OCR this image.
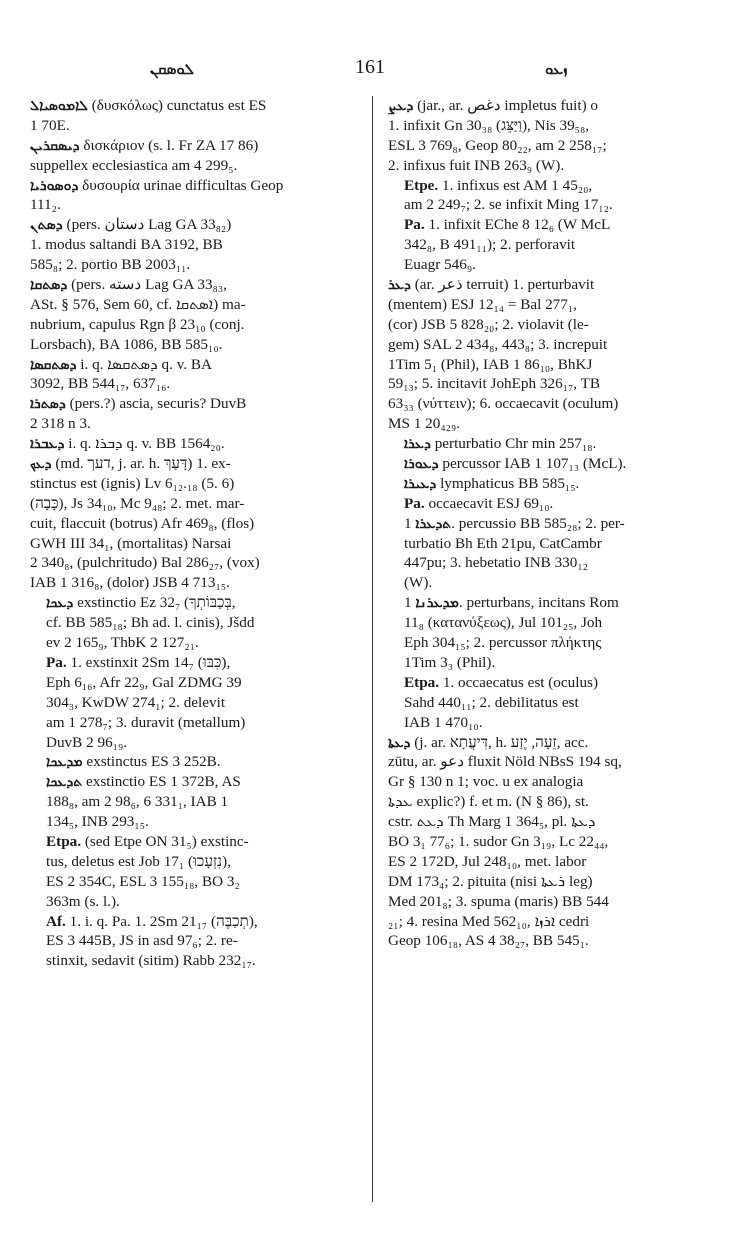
ܠܘܣܩܢ	161	ܙܥܘ
ܠܐܡܘܣܝܐܠ (δυσκόλως) cunctatus est ES
1 70E.
ܕܝܣܩܪܝܢ δισκάριον (s. l. Fr ZA 17 86)
suppellex ecclesiastica am 4 299₅.
ܕܘܣܘܪܝܐ δυσουρία urinae difficultas Geop
111₂.
ܕܣܬܢ (pers. دستان Lag GA 33₈₂)
1. modus saltandi BA 3192, BB
585₈; 2. portio BB 2003₁₁.
ܕܣܬܩܐ (pers. دسته Lag GA 33₈₃,
ASt. § 576, Sem 60, cf. ܐܣܬܩܐ) ma-
nubrium, capulus Rgn β 23₁₀ (conj.
Lorsbach), BA 1086, BB 585₁₀.
ܕܣܬܩܣܐ i. q. ܕܣܬܩܣܐ q. v. BA
3092, BB 544₁₇, 637₁₆.
ܕܣܬܪܐ (pers.?) ascia, securis? DuvB
2 318 n 3.
ܕܥܒܪܐ i. q. ܕܒܪܐ q. v. BB 1564₂₀.
ܕܥܟ (md. דעך, j. ar. h. דָּעַךְ) 1. ex-
stinctus est (ignis) Lv 6₁₂.₁₈ (5. 6)
(כָּבָה), Js 34₁₀, Mc 9₄₈; 2. met. mar-
cuit, flaccuit (botrus) Afr 469₈, (flos)
GWH III 34₁, (mortalitas) Narsai
2 340₈, (pulchritudo) Bal 286₂₇, (vox)
IAB 1 316₈, (dolor) JSB 4 713₁₅.
ܕܥܟܐ exstinctio Ez 32₇ (בְּכַבּוֹתְךָ,
cf. BB 585₁₈; Bh ad. l. cinis), Jšdd
ev 2 165₉, ThbK 2 127₂₁.
Pa. 1. exstinxit 2Sm 14₇ (כִּבּוּ),
Eph 6₁₆, Afr 22₉, Gal ZDMG 39
304₃, KwDW 274₁; 2. delevit
am 1 278₇; 3. duravit (metallum)
DuvB 2 96₁₉.
ܡܕܥܟܐ exstinctus ES 3 252B.
ܬܕܥܟܐ exstinctio ES 1 372B, AS
188₈, am 2 98₆, 6 331₁, IAB 1
134₅, INB 293₁₅.
Etpa. (sed Etpe ON 31₅) exstinc-
tus, deletus est Job 17₁ (נִזְעָכוּ),
ES 2 354C, ESL 3 155₁₈, BO 3₂
363m (s. l.).
Af. 1. i. q. Pa. 1. 2Sm 21₁₇ (תְכַבֶּה),
ES 3 445B, JS in asd 97₆; 2. re-
stinxit, sedavit (sitim) Rabb 232₁₇.
ܕܥܨ (jar., ar. دغص impletus fuit) o
1. infixit Gn 30₃₈ (וַיַּצֵּג), Nis 39₅₈,
ESL 3 769₈, Geop 80₂₂, am 2 258₁₇;
2. infixus fuit INB 263₉ (W).
Etpe. 1. infixus est AM 1 45₂₀,
am 2 249₇; 2. se infixit Ming 17₁₂.
Pa. 1. infixit EChe 8 12₆ (W McL
342₈, B 491₁₁); 2. perforavit
Euagr 546₉.
ܕܥܪ (ar. ذعر terruit) 1. perturbavit
(mentem) ESJ 12₁₄ = Bal 277₁,
(cor) JSB 5 828₂₀; 2. violavit (le-
gem) SAL 2 434₈, 443₈; 3. increpuit
1Tim 5₁ (Phil), IAB 1 86₁₀, BhKJ
59₁₃; 5. incitavit JohEph 326₁₇, TB
63₃₃ (νύττειν); 6. occaecavit (oculum)
MS 1 20₄₂₉.
ܕܥܪܐ perturbatio Chr min 257₁₈.
ܕܥܘܪܐ percussor IAB 1 107₁₃ (McL).
ܕܥܝܪܐ lymphaticus BB 585₁₅.
Pa. occaecavit ESJ 69₁₀.
ܬܕܥܪܐ 1. percussio BB 585₂₈; 2. per-
turbatio Bh Eth 21pu, CatCambr
447pu; 3. hebetatio INB 330₁₂
(W).
ܡܕܥܪܢܐ 1. perturbans, incitans Rom
11₈ (κατανύξεως), Jul 101₂₅, Joh
Eph 304₁₅; 2. percussor πλήκτης
1Tim 3₃ (Phil).
Etpa. 1. occaecatus est (oculus)
Sahd 440₁₁; 2. debilitatus est
IAB 1 470₁₀.
ܕܥܬܐ (j. ar. דִּיעֲתָא, h. זֵעָה, יֶזַע, acc.
zūtu, ar. دعو fluxit Nöld NBsS 194 sq,
Gr § 130 n 1; voc. u ex analogia
ܥܕܬܐ explic?) f. et m. (N § 86), st.
cstr. ܕܥܬ Th Marg 1 364₅, pl. ܕܥܬܐ
BO 3₁ 77₆; 1. sudor Gn 3₁₉, Lc 22₄₄,
ES 2 172D, Jul 248₁₀, met. labor
DM 173₄; 2. pituita (nisi ܪܥܬܐ leg)
Med 201₈; 3. spuma (maris) BB 544
₂₁; 4. resina Med 562₁₀, ܐܪܙܐ cedri
Geop 106₁₈, AS 4 38₂₇, BB 545₁.
